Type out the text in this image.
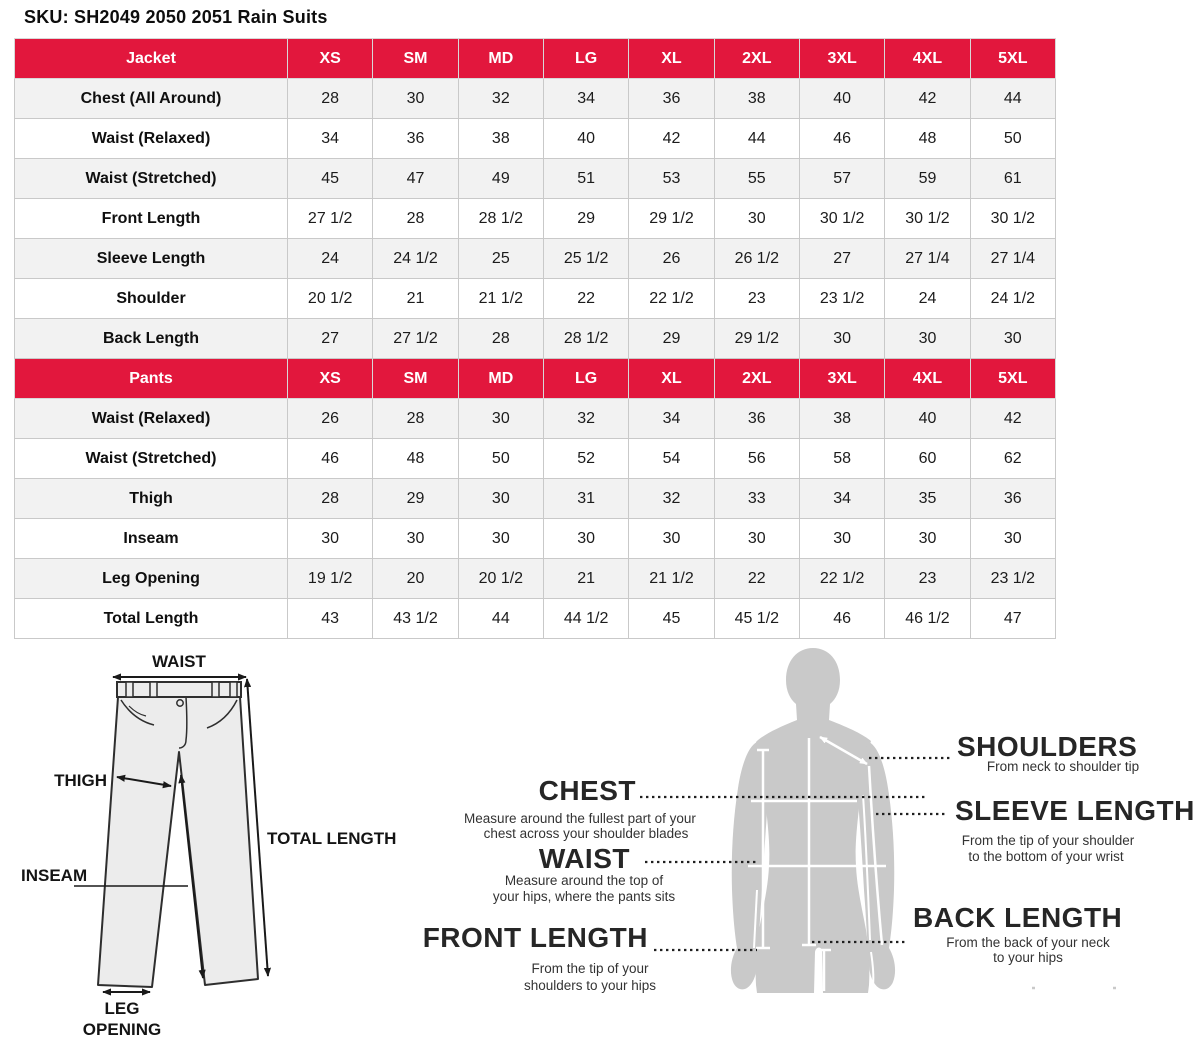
SKU: SH2049 2050 2051 Rain Suits
Jacket	XS	SM	MD	LG	XL	2XL	3XL	4XL	5XL
Chest (All Around)	28	30	32	34	36	38	40	42	44
Waist (Relaxed)	34	36	38	40	42	44	46	48	50
Waist (Stretched)	45	47	49	51	53	55	57	59	61
Front Length	27 1/2	28	28 1/2	29	29 1/2	30	30 1/2	30 1/2	30 1/2
Sleeve Length	24	24 1/2	25	25 1/2	26	26 1/2	27	27 1/4	27 1/4
Shoulder	20 1/2	21	21 1/2	22	22 1/2	23	23 1/2	24	24 1/2
Back Length	27	27 1/2	28	28 1/2	29	29 1/2	30	30	30
Pants	XS	SM	MD	LG	XL	2XL	3XL	4XL	5XL
Waist (Relaxed)	26	28	30	32	34	36	38	40	42
Waist (Stretched)	46	48	50	52	54	56	58	60	62
Thigh	28	29	30	31	32	33	34	35	36
Inseam	30	30	30	30	30	30	30	30	30
Leg Opening	19 1/2	20	20 1/2	21	21 1/2	22	22 1/2	23	23 1/2
Total Length	43	43 1/2	44	44 1/2	45	45 1/2	46	46 1/2	47
WAIST
THIGH
TOTAL LENGTH
INSEAM
LEG
OPENING
CHEST
Measure around the fullest part of your
chest across your shoulder blades
WAIST
Measure around the top of
your hips, where the pants sits
FRONT LENGTH
From the tip of your
shoulders to your hips
SHOULDERS
From neck to shoulder tip
SLEEVE LENGTH
From the tip of your shoulder
to the bottom of your wrist
BACK LENGTH
From the back of your neck
to your hips
